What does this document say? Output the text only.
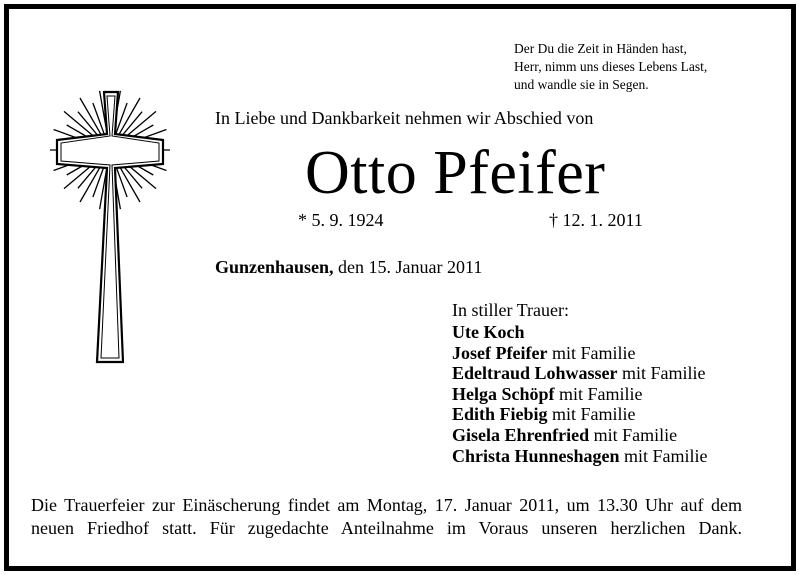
Der Du die Zeit in Händen hast,
Herr, nimm uns dieses Lebens Last,
und wandle sie in Segen.
In Liebe und Dankbarkeit nehmen wir Abschied von
Otto Pfeifer
* 5. 9. 1924	† 12. 1. 2011
Gunzenhausen, den 15. Januar 2011
In stiller Trauer:
Ute Koch
Josef Pfeifer mit Familie
Edeltraud Lohwasser mit Familie
Helga Schöpf mit Familie
Edith Fiebig mit Familie
Gisela Ehrenfried mit Familie
Christa Hunneshagen mit Familie
Die Trauerfeier zur Einäscherung findet am Montag, 17. Januar 2011, um 13.30 Uhr auf dem
neuen Friedhof statt. Für zugedachte Anteilnahme im Voraus unseren herzlichen Dank.
